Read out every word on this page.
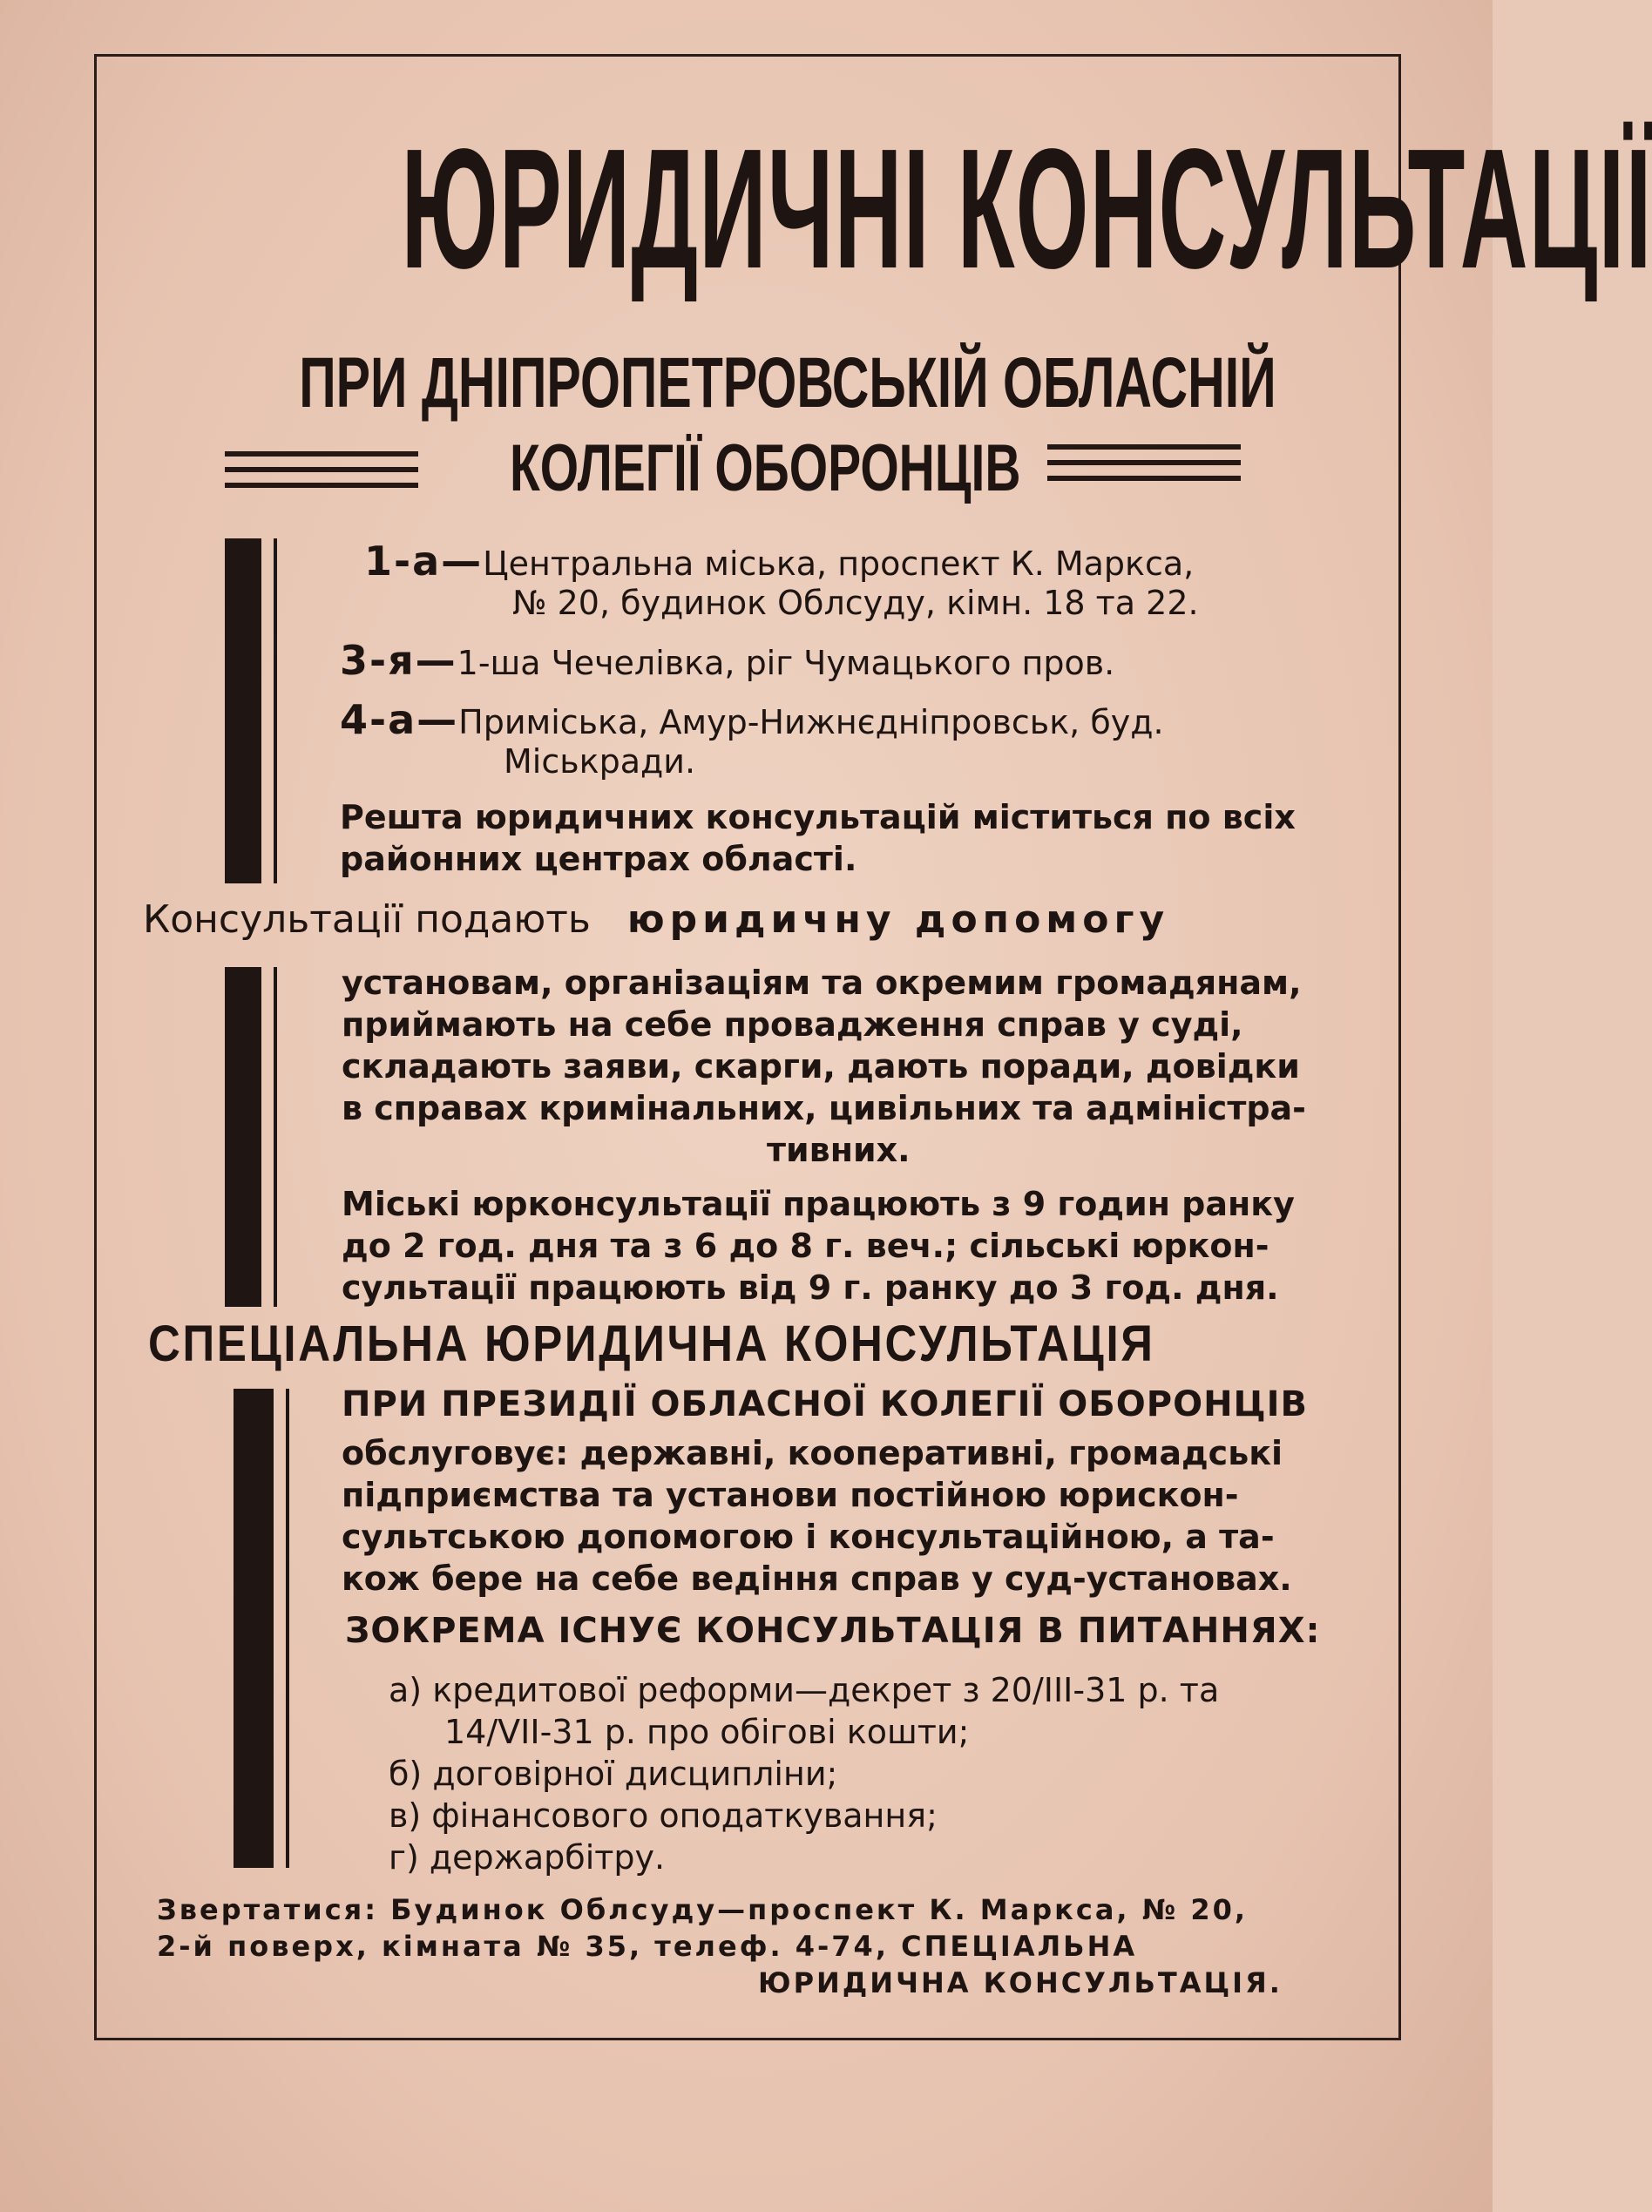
ЮРИДИЧНІ КОНСУЛЬТАЦІЇ
ПРИ ДНІПРОПЕТРОВСЬКІЙ ОБЛАСНІЙ
КОЛЕГІЇ ОБОРОНЦІВ
1-а—Центральна міська, проспект К. Маркса,
№ 20, будинок Облсуду, кімн. 18 та 22.
3-я—1-ша Чечелівка, ріг Чумацького пров.
4-а—Приміська, Амур-Нижнєдніпровськ, буд.
Міськради.
Решта юридичних консультацій міститься по всіх
районних центрах області.
Консультації подають юридичну допомогу
установам, організаціям та окремим громадянам,
приймають на себе провадження справ у суді,
складають заяви, скарги, дають поради, довідки
в справах кримінальних, цивільних та адміністра-
тивних.
Міські юрконсультації працюють з 9 годин ранку
до 2 год. дня та з 6 до 8 г. веч.; сільські юркон-
сультації працюють від 9 г. ранку до 3 год. дня.
СПЕЦІАЛЬНА ЮРИДИЧНА КОНСУЛЬТАЦІЯ
ПРИ ПРЕЗИДІЇ ОБЛАСНОЇ КОЛЕГІЇ ОБОРОНЦІВ
обслуговує: державні, кооперативні, громадські
підприємства та установи постійною юрискон-
сультською допомогою і консультаційною, а та-
кож бере на себе ведіння справ у суд-установах.
ЗОКРЕМА ІСНУЄ КОНСУЛЬТАЦІЯ В ПИТАННЯХ:
а) кредитової реформи—декрет з 20/ІІІ-31 р. та
14/VІІ-31 р. про обігові кошти;
б) договірної дисципліни;
в) фінансового оподаткування;
г) держарбітру.
Звертатися: Будинок Облсуду—проспект К. Маркса, № 20,
2-й поверх, кімната № 35, телеф. 4-74, СПЕЦІАЛЬНА
ЮРИДИЧНА КОНСУЛЬТАЦІЯ.
